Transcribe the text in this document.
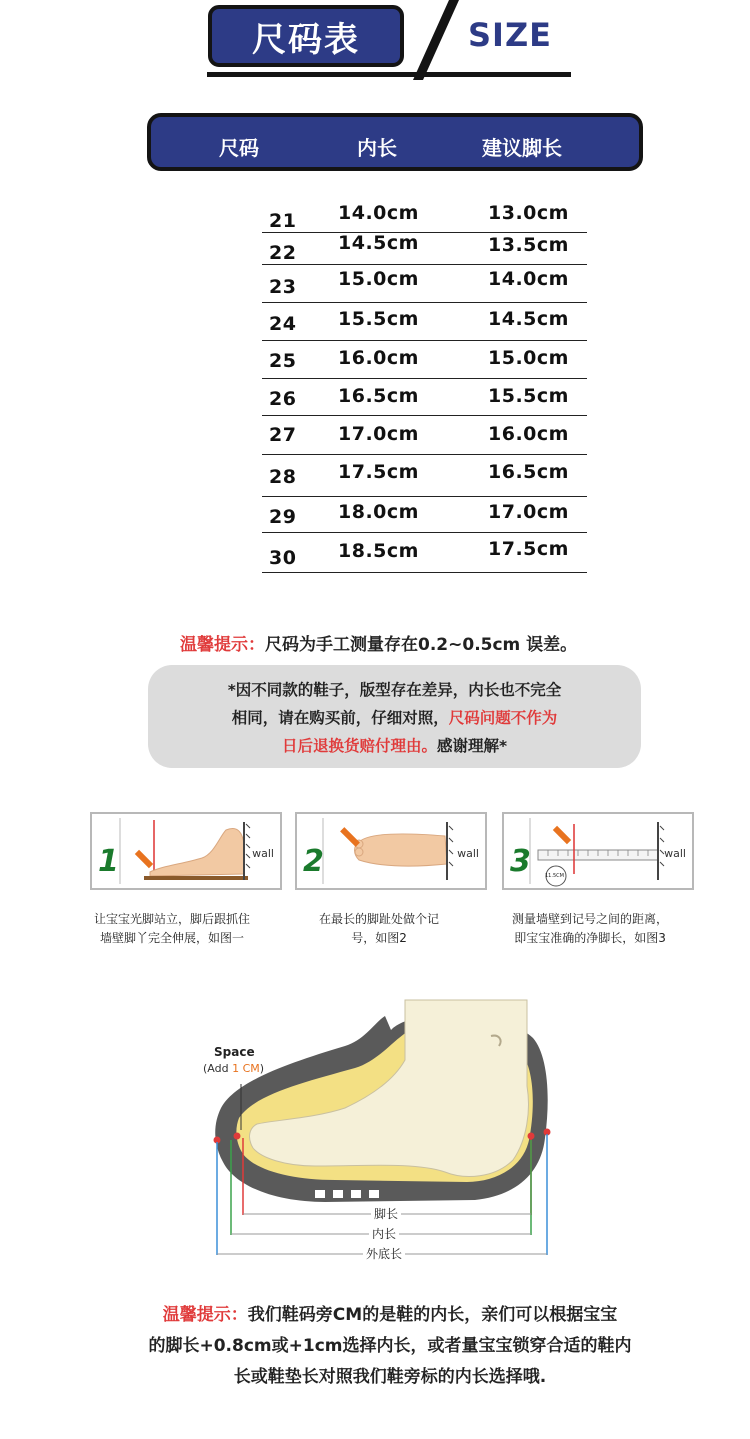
尺码表	SIZE
尺码	内长	建议脚长
21 14.0cm	13.0cm
22 14.5cm	13.5cm
23 15.0cm	14.0cm
24 15.5cm	14.5cm
25 16.0cm	15.0cm
26 16.5cm	15.5cm
27 17.0cm	16.0cm
28 17.5cm	16.5cm
29 18.0cm	17.0cm
30 18.5cm	17.5cm
温馨提示：尺码为手工测量存在0.2~0.5cm 误差。
*因不同款的鞋子，版型存在差异，内长也不完全
相同，请在购买前，仔细对照，尺码问题不作为
日后退换货赔付理由。感谢理解*
1	wall
让宝宝光脚站立，脚后跟抓住
墙壁脚丫完全伸展，如图一
2	wall
在最长的脚趾处做个记
号，如图2
3	wall
11.5CM
测量墙壁到记号之间的距离，
即宝宝准确的净脚长，如图3
Space
(Add 1 CM)
脚长
内长
外底长
温馨提示：我们鞋码旁CM的是鞋的内长，亲们可以根据宝宝
的脚长+0.8cm或+1cm选择内长，或者量宝宝锁穿合适的鞋内
长或鞋垫长对照我们鞋旁标的内长选择哦.
